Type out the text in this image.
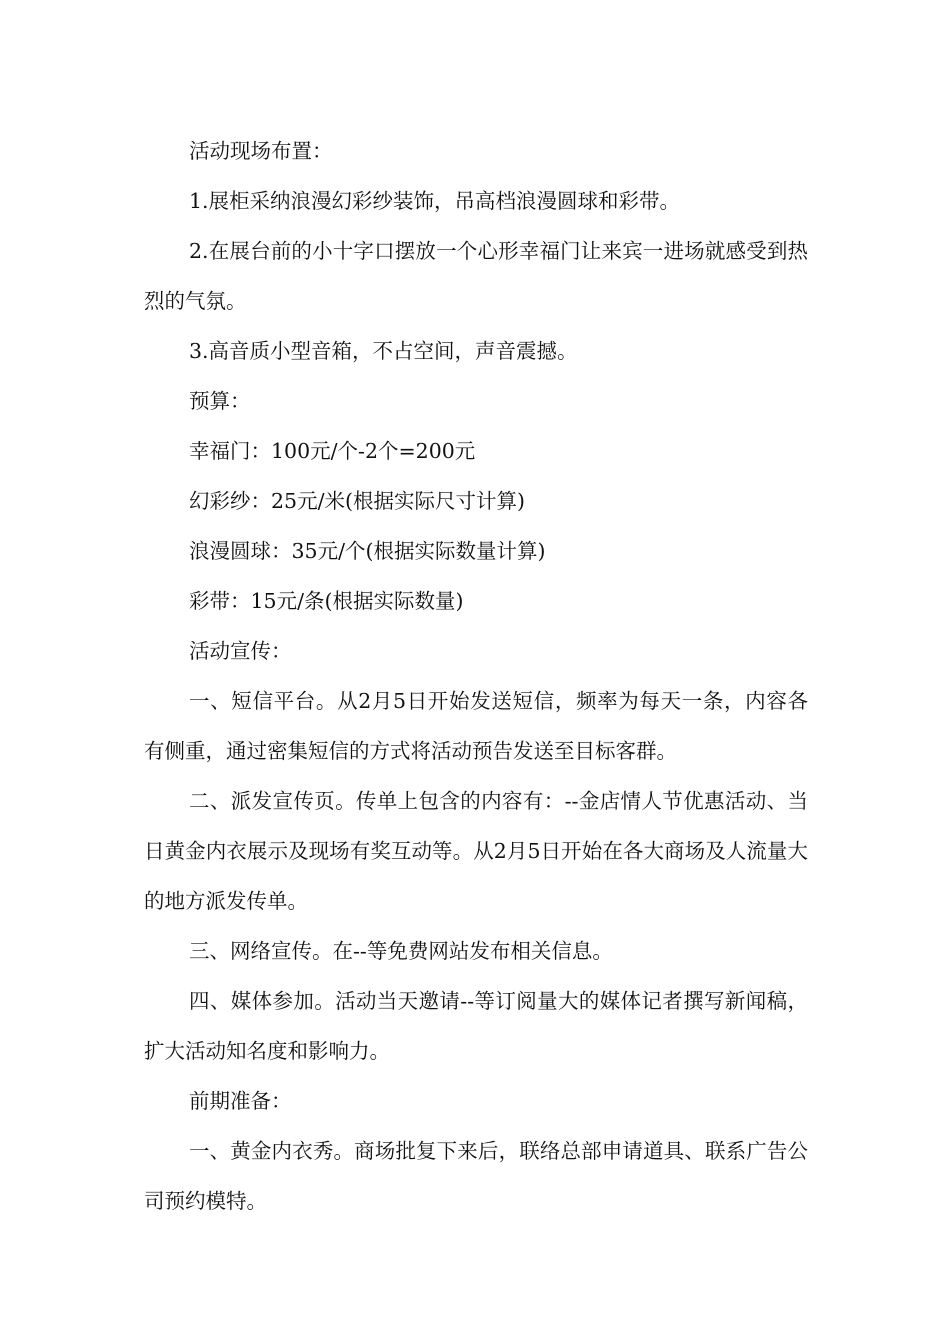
活动现场布置：

1.展柜采纳浪漫幻彩纱装饰，吊高档浪漫圆球和彩带。

2.在展台前的小十字口摆放一个心形幸福门让来宾一进场就感受到热烈的气氛。

3.高音质小型音箱，不占空间，声音震撼。

预算：

幸福门：100元/个-2个=200元

幻彩纱：25元/米(根据实际尺寸计算)

浪漫圆球：35元/个(根据实际数量计算)

彩带：15元/条(根据实际数量)

活动宣传：

一、短信平台。从2月5日开始发送短信，频率为每天一条，内容各有侧重，通过密集短信的方式将活动预告发送至目标客群。

二、派发宣传页。传单上包含的内容有：--金店情人节优惠活动、当日黄金内衣展示及现场有奖互动等。从2月5日开始在各大商场及人流量大的地方派发传单。

三、网络宣传。在--等免费网站发布相关信息。

四、媒体参加。活动当天邀请--等订阅量大的媒体记者撰写新闻稿，扩大活动知名度和影响力。

前期准备：

一、黄金内衣秀。商场批复下来后，联络总部申请道具、联系广告公司预约模特。
